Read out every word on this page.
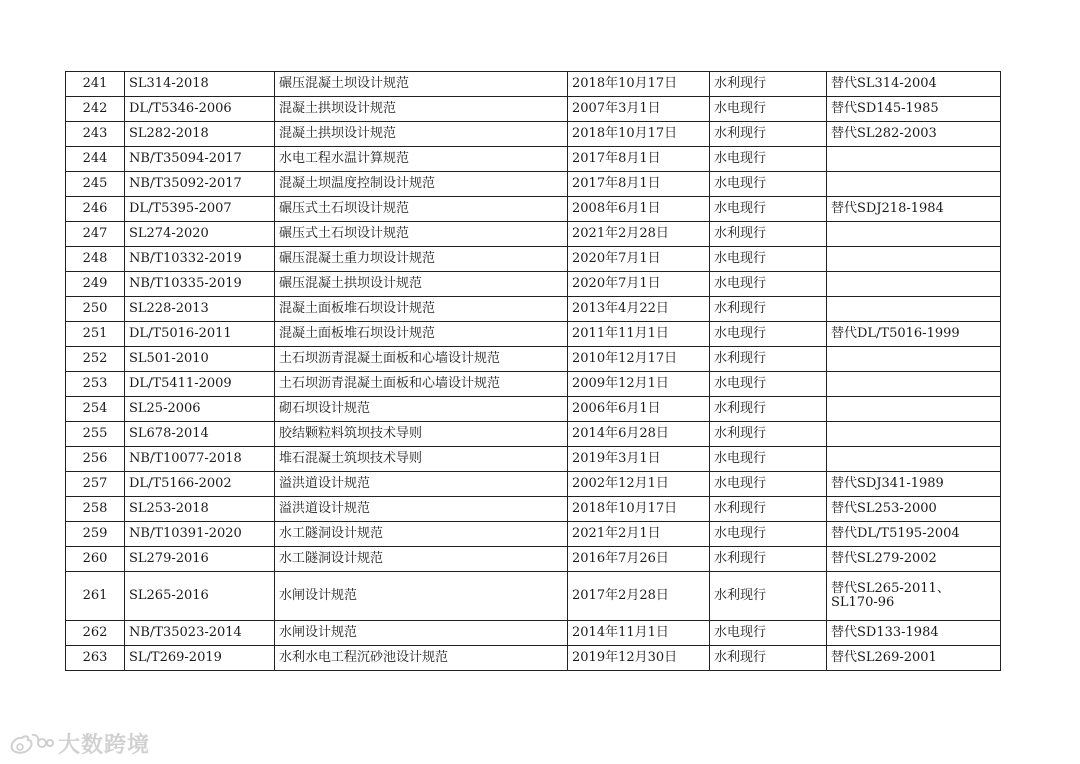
241	SL314-2018	碾压混凝土坝设计规范	2018年10月17日	水利现行	替代SL314-2004
242	DL/T5346-2006	混凝土拱坝设计规范	2007年3月1日	水电现行	替代SD145-1985
243	SL282-2018	混凝土拱坝设计规范	2018年10月17日	水利现行	替代SL282-2003
244	NB/T35094-2017	水电工程水温计算规范	2017年8月1日	水电现行	
245	NB/T35092-2017	混凝土坝温度控制设计规范	2017年8月1日	水电现行	
246	DL/T5395-2007	碾压式土石坝设计规范	2008年6月1日	水电现行	替代SDJ218-1984
247	SL274-2020	碾压式土石坝设计规范	2021年2月28日	水利现行	
248	NB/T10332-2019	碾压混凝土重力坝设计规范	2020年7月1日	水电现行	
249	NB/T10335-2019	碾压混凝土拱坝设计规范	2020年7月1日	水电现行	
250	SL228-2013	混凝土面板堆石坝设计规范	2013年4月22日	水利现行	
251	DL/T5016-2011	混凝土面板堆石坝设计规范	2011年11月1日	水电现行	替代DL/T5016-1999
252	SL501-2010	土石坝沥青混凝土面板和心墙设计规范	2010年12月17日	水利现行	
253	DL/T5411-2009	土石坝沥青混凝土面板和心墙设计规范	2009年12月1日	水电现行	
254	SL25-2006	砌石坝设计规范	2006年6月1日	水利现行	
255	SL678-2014	胶结颗粒料筑坝技术导则	2014年6月28日	水利现行	
256	NB/T10077-2018	堆石混凝土筑坝技术导则	2019年3月1日	水电现行	
257	DL/T5166-2002	溢洪道设计规范	2002年12月1日	水电现行	替代SDJ341-1989
258	SL253-2018	溢洪道设计规范	2018年10月17日	水利现行	替代SL253-2000
259	NB/T10391-2020	水工隧洞设计规范	2021年2月1日	水电现行	替代DL/T5195-2004
260	SL279-2016	水工隧洞设计规范	2016年7月26日	水利现行	替代SL279-2002
261	SL265-2016	水闸设计规范	2017年2月28日	水利现行	替代SL265-2011、SL170-96
262	NB/T35023-2014	水闸设计规范	2014年11月1日	水电现行	替代SD133-1984
263	SL/T269-2019	水利水电工程沉砂池设计规范	2019年12月30日	水利现行	替代SL269-2001
大数跨境
